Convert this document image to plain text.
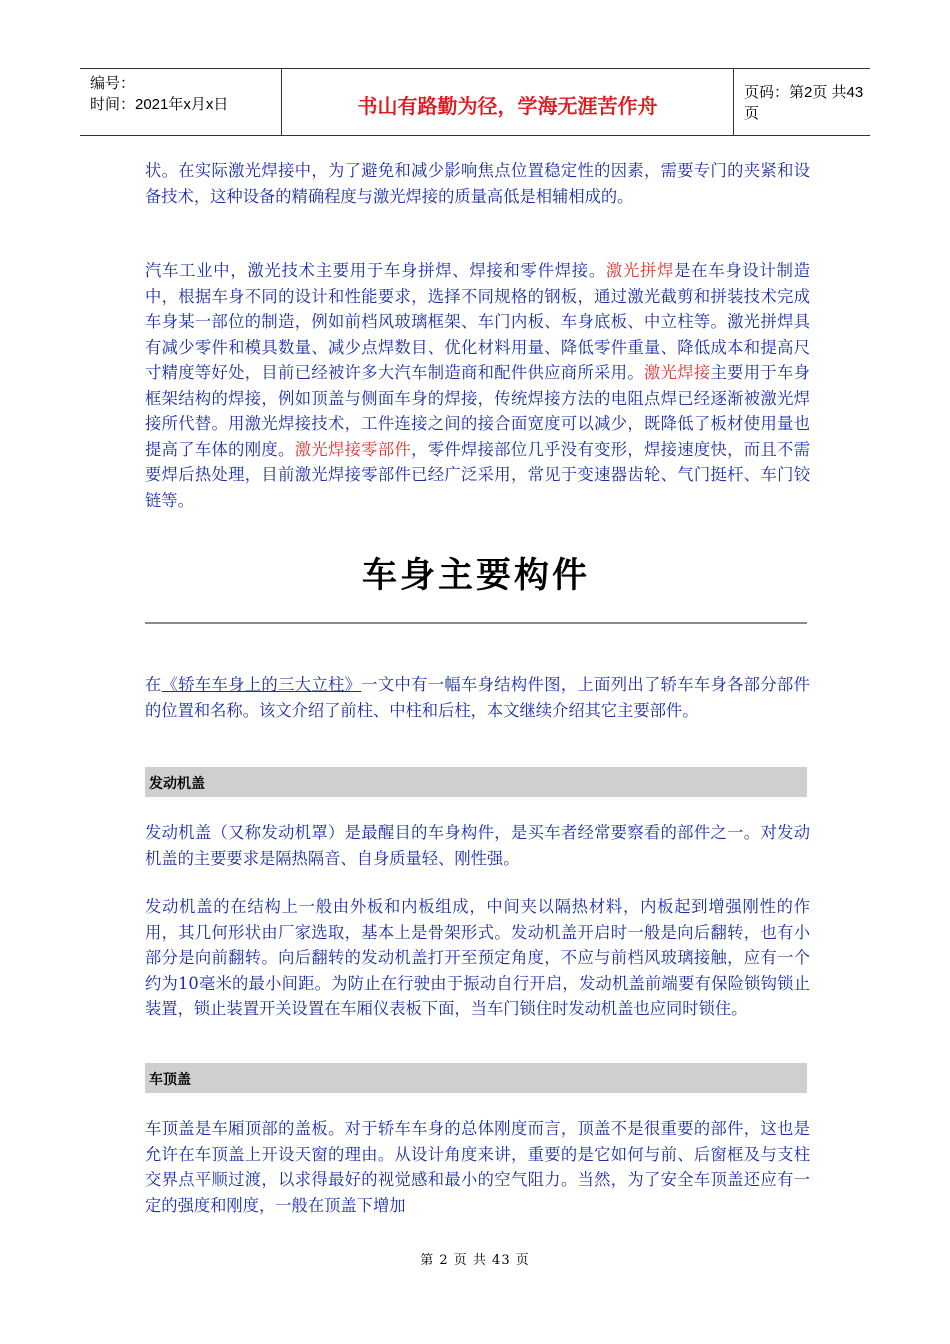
编号：
时间：2021年x月x日	书山有路勤为径，学海无涯苦作舟
页码：第2页 共43页

状。在实际激光焊接中，为了避免和减少影响焦点位置稳定性的因素，需要专门的夹紧和设备技术，这种设备的精确程度与激光焊接的质量高低是相辅相成的。

汽车工业中，激光技术主要用于车身拼焊、焊接和零件焊接。激光拼焊是在车身设计制造中，根据车身不同的设计和性能要求，选择不同规格的钢板，通过激光截剪和拼装技术完成车身某一部位的制造，例如前档风玻璃框架、车门内板、车身底板、中立柱等。激光拼焊具有减少零件和模具数量、减少点焊数目、优化材料用量、降低零件重量、降低成本和提高尺寸精度等好处，目前已经被许多大汽车制造商和配件供应商所采用。激光焊接主要用于车身框架结构的焊接，例如顶盖与侧面车身的焊接，传统焊接方法的电阻点焊已经逐渐被激光焊接所代替。用激光焊接技术，工件连接之间的接合面宽度可以减少，既降低了板材使用量也提高了车体的刚度。激光焊接零部件，零件焊接部位几乎没有变形，焊接速度快，而且不需要焊后热处理，目前激光焊接零部件已经广泛采用，常见于变速器齿轮、气门挺杆、车门铰链等。

车身主要构件

在《轿车车身上的三大立柱》一文中有一幅车身结构件图，上面列出了轿车车身各部分部件的位置和名称。该文介绍了前柱、中柱和后柱，本文继续介绍其它主要部件。

发动机盖

发动机盖（又称发动机罩）是最醒目的车身构件，是买车者经常要察看的部件之一。对发动机盖的主要要求是隔热隔音、自身质量轻、刚性强。

发动机盖的在结构上一般由外板和内板组成，中间夹以隔热材料，内板起到增强刚性的作用，其几何形状由厂家选取，基本上是骨架形式。发动机盖开启时一般是向后翻转，也有小部分是向前翻转。向后翻转的发动机盖打开至预定角度，不应与前档风玻璃接触，应有一个约为10毫米的最小间距。为防止在行驶由于振动自行开启，发动机盖前端要有保险锁钩锁止装置，锁止装置开关设置在车厢仪表板下面，当车门锁住时发动机盖也应同时锁住。

车顶盖

车顶盖是车厢顶部的盖板。对于轿车车身的总体刚度而言，顶盖不是很重要的部件，这也是允许在车顶盖上开设天窗的理由。从设计角度来讲，重要的是它如何与前、后窗框及与支柱交界点平顺过渡，以求得最好的视觉感和最小的空气阻力。当然，为了安全车顶盖还应有一定的强度和刚度，一般在顶盖下增加

第 2 页 共 43 页
